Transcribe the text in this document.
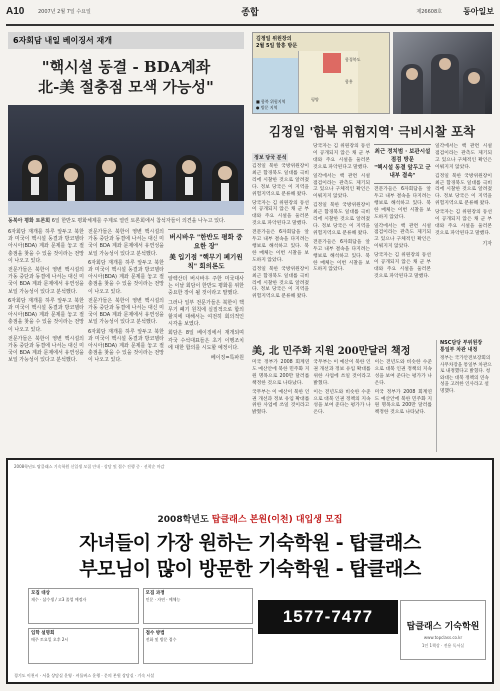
A10	2007년 2월 7일 수요일	종합	제26608호	동아일보
6자회담 내일 베이징서 재개
"핵시설 동결 - BDA계좌
北-美 절충점 모색 가능성"
동북아 평화 토론회 6일 한반도 평화체제를 주제로 열린 토론회에서 참석자들이 의견을 나누고 있다.

6자회담 재개를 하루 앞두고 북한과 미국이 핵시설 동결과 방코델타아시아(BDA) 계좌 문제를 놓고 절충점을 찾을 수 있을 것이라는 전망이 나오고 있다.

전문가들은 북한이 영변 핵시설의 가동 중단과 동결에 나서는 대신 미국이 BDA 계좌 문제에서 유연성을 보일 가능성이 있다고 분석했다.

6자회담 재개를 하루 앞두고 북한과 미국이 핵시설 동결과 방코델타아시아(BDA) 계좌 문제를 놓고 절충점을 찾을 수 있을 것이라는 전망이 나오고 있다.

전문가들은 북한이 영변 핵시설의 가동 중단과 동결에 나서는 대신 미국이 BDA 계좌 문제에서 유연성을 보일 가능성이 있다고 분석했다.

전문가들은 북한이 영변 핵시설의 가동 중단과 동결에 나서는 대신 미국이 BDA 계좌 문제에서 유연성을 보일 가능성이 있다고 분석했다.

6자회담 재개를 하루 앞두고 북한과 미국이 핵시설 동결과 방코델타아시아(BDA) 계좌 문제를 놓고 절충점을 찾을 수 있을 것이라는 전망이 나오고 있다.

전문가들은 북한이 영변 핵시설의 가동 중단과 동결에 나서는 대신 미국이 BDA 계좌 문제에서 유연성을 보일 가능성이 있다고 분석했다.

6자회담 재개를 하루 앞두고 북한과 미국이 핵시설 동결과 방코델타아시아(BDA) 계좌 문제를 놓고 절충점을 찾을 수 있을 것이라는 전망이 나오고 있다.

버시바우 "한반도 평화 중요한 장"
美 입기점 "핵무기 폐기원칙" 회의론도

알렉산더 버시바우 주한 미국대사는 이날 회담이 한반도 평화를 위한 중요한 장이 될 것이라고 말했다.

그러나 일부 전문가들은 북한이 핵무기 폐기 원칙에 실질적으로 합의할지에 대해서는 여전히 회의적인 시각을 보였다.

회담은 8일 베이징에서 재개되며 각국 수석대표들은 초기 이행조치에 대한 합의를 시도할 예정이다.

베이징=특파원
김정일 위원장의
2월 5일 함흥 방문
함경북도
함흥
평양
■ 함북 위험지역
● 방문 지역
김정일 '함북 위험지역' 극비시찰 포착
정보 당국 분석

김정일 북한 국방위원장이 최근 함경북도 일대를 극비리에 시찰한 것으로 알려졌다. 정보 당국은 이 지역을 위험지역으로 분류해 왔다.

당국자는 김 위원장의 동선이 공개되지 않은 채 군 부대와 주요 시설을 둘러본 것으로 파악된다고 말했다.

전문가들은 6자회담을 앞두고 내부 결속을 다지려는 행보로 해석하고 있다. 북한 매체는 이번 시찰을 보도하지 않았다.

김정일 북한 국방위원장이 최근 함경북도 일대를 극비리에 시찰한 것으로 알려졌다. 정보 당국은 이 지역을 위험지역으로 분류해 왔다.

당국자는 김 위원장의 동선이 공개되지 않은 채 군 부대와 주요 시설을 둘러본 것으로 파악된다고 말했다.

일각에서는 핵 관련 시설 점검이라는 관측도 제기되고 있으나 구체적인 확인은 이뤄지지 않았다.

김정일 북한 국방위원장이 최근 함경북도 일대를 극비리에 시찰한 것으로 알려졌다. 정보 당국은 이 지역을 위험지역으로 분류해 왔다.

전문가들은 6자회담을 앞두고 내부 결속을 다지려는 행보로 해석하고 있다. 북한 매체는 이번 시찰을 보도하지 않았다.

최근 정치범 · 보관시설 점검 방문
"핵시설 동결 앞두고 군 내부 결속"

전문가들은 6자회담을 앞두고 내부 결속을 다지려는 행보로 해석하고 있다. 북한 매체는 이번 시찰을 보도하지 않았다.

일각에서는 핵 관련 시설 점검이라는 관측도 제기되고 있으나 구체적인 확인은 이뤄지지 않았다.

당국자는 김 위원장의 동선이 공개되지 않은 채 군 부대와 주요 시설을 둘러본 것으로 파악된다고 말했다.

일각에서는 핵 관련 시설 점검이라는 관측도 제기되고 있으나 구체적인 확인은 이뤄지지 않았다.

김정일 북한 국방위원장이 최근 함경북도 일대를 극비리에 시찰한 것으로 알려졌다. 정보 당국은 이 지역을 위험지역으로 분류해 왔다.

당국자는 김 위원장의 동선이 공개되지 않은 채 군 부대와 주요 시설을 둘러본 것으로 파악된다고 말했다.

기자
美, 北 민주화 지원 200만달러 책정

미국 정부가 2008 회계연도 예산안에 북한 민주화 지원 명목으로 200만 달러를 책정한 것으로 나타났다.

국무부는 이 예산이 북한 인권 개선과 정보 유입 확대를 위한 사업에 쓰일 것이라고 밝혔다.

국무부는 이 예산이 북한 인권 개선과 정보 유입 확대를 위한 사업에 쓰일 것이라고 밝혔다.

이는 전년도와 비슷한 수준으로 대북 인권 정책의 지속성을 보여 준다는 평가가 나온다.

이는 전년도와 비슷한 수준으로 대북 인권 정책의 지속성을 보여 준다는 평가가 나온다.

미국 정부가 2008 회계연도 예산안에 북한 민주화 지원 명목으로 200만 달러를 책정한 것으로 나타났다.

NSC담당 부위원장
통일부 차관 내정

정부는 국가안전보장회의 사무차장을 통일부 차관으로 내정했다고 밝혔다. 청와대는 대북 정책의 연속성을 고려한 인사라고 설명했다.

2008학년도 탑클래스 기숙학원 신입생 모집 안내 · 상담 및 접수 진행 중 · 선착순 마감
2008학년도 탑클래스 본원(이천) 대입생 모집
자녀들이 가장 원하는 기숙학원 - 탑클래스
부모님이 많이 방문한 기숙학원 - 탑클래스
모집 대상
재수 · 삼수생 / 고3 졸업 예정자
모집 과정
인문 · 자연 · 예체능
입학 설명회
매주 토요일 오후 2시
접수 방법
전화 및 방문 접수
1577-7477
탑클래스 기숙학원
www.topclass.co.kr
1인 1책상 · 전용 독서실
경기도 이천시 · 서울 상담실 운영 · 셔틀버스 운행 · 문의 본원 상담실 · 기숙 시설
